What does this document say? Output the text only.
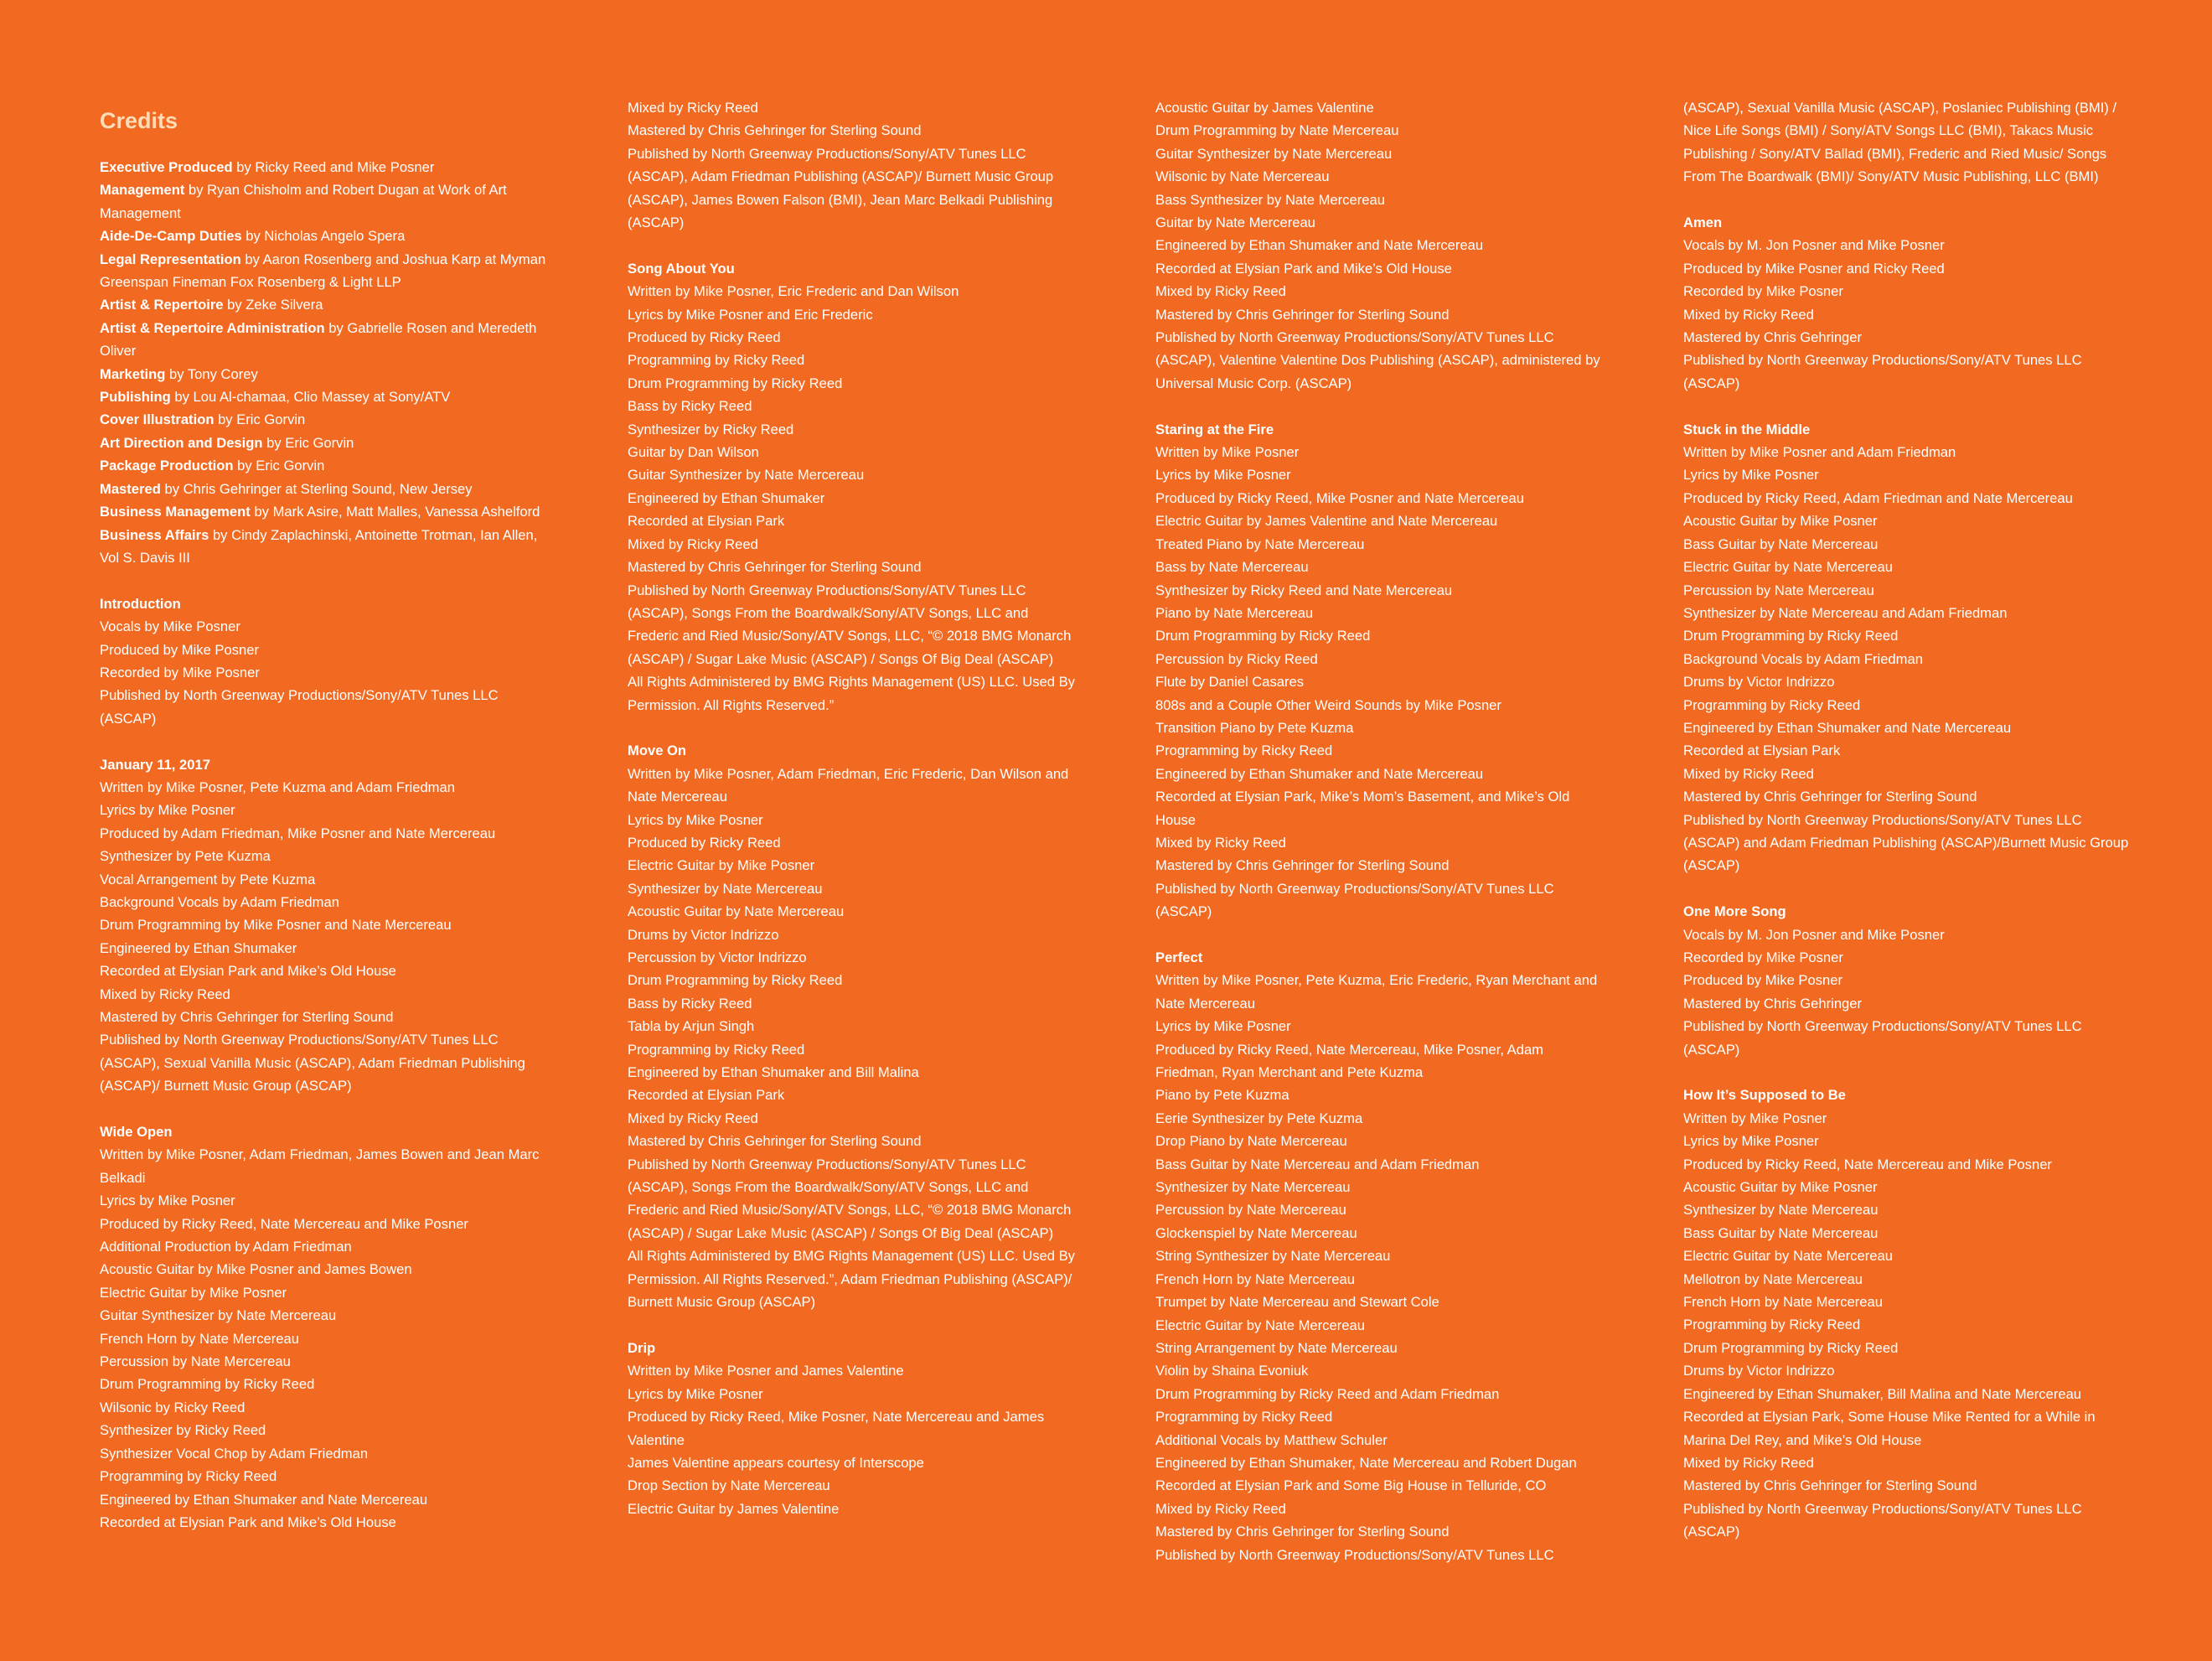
Credits
Executive Produced by Ricky Reed and Mike Posner
Management by Ryan Chisholm and Robert Dugan at Work of Art Management
Aide-De-Camp Duties by Nicholas Angelo Spera
Legal Representation by Aaron Rosenberg and Joshua Karp at Myman Greenspan Fineman Fox Rosenberg & Light LLP
Artist & Repertoire by Zeke Silvera
Artist & Repertoire Administration by Gabrielle Rosen and Meredeth Oliver
Marketing by Tony Corey
Publishing by Lou Al-chamaa, Clio Massey at Sony/ATV
Cover Illustration by Eric Gorvin
Art Direction and Design by Eric Gorvin
Package Production by Eric Gorvin
Mastered by Chris Gehringer at Sterling Sound, New Jersey
Business Management by Mark Asire, Matt Malles, Vanessa Ashelford
Business Affairs by Cindy Zaplachinski, Antoinette Trotman, Ian Allen, Vol S. Davis III
Introduction
Vocals by Mike Posner
Produced by Mike Posner
Recorded by Mike Posner
Published by North Greenway Productions/Sony/ATV Tunes LLC (ASCAP)
January 11, 2017
Written by Mike Posner, Pete Kuzma and Adam Friedman
Lyrics by Mike Posner
Produced by Adam Friedman, Mike Posner and Nate Mercereau
Synthesizer by Pete Kuzma
Vocal Arrangement by Pete Kuzma
Background Vocals by Adam Friedman
Drum Programming by Mike Posner and Nate Mercereau
Engineered by Ethan Shumaker
Recorded at Elysian Park and Mike’s Old House
Mixed by Ricky Reed
Mastered by Chris Gehringer for Sterling Sound
Published by North Greenway Productions/Sony/ATV Tunes LLC (ASCAP), Sexual Vanilla Music (ASCAP), Adam Friedman Publishing (ASCAP)/ Burnett Music Group (ASCAP)
Wide Open
Written by Mike Posner, Adam Friedman, James Bowen and Jean Marc Belkadi
Lyrics by Mike Posner
Produced by Ricky Reed, Nate Mercereau and Mike Posner
Additional Production by Adam Friedman
Acoustic Guitar by Mike Posner and James Bowen
Electric Guitar by Mike Posner
Guitar Synthesizer by Nate Mercereau
French Horn by Nate Mercereau
Percussion by Nate Mercereau
Drum Programming by Ricky Reed
Wilsonic by Ricky Reed
Synthesizer by Ricky Reed
Synthesizer Vocal Chop by Adam Friedman
Programming by Ricky Reed
Engineered by Ethan Shumaker and Nate Mercereau
Recorded at Elysian Park and Mike’s Old House
Mixed by Ricky Reed
Mastered by Chris Gehringer for Sterling Sound
Published by North Greenway Productions/Sony/ATV Tunes LLC (ASCAP), Adam Friedman Publishing (ASCAP)/ Burnett Music Group (ASCAP), James Bowen Falson (BMI), Jean Marc Belkadi Publishing (ASCAP)
Song About You
Written by Mike Posner, Eric Frederic and Dan Wilson
Lyrics by Mike Posner and Eric Frederic
Produced by Ricky Reed
Programming by Ricky Reed
Drum Programming by Ricky Reed
Bass by Ricky Reed
Synthesizer by Ricky Reed
Guitar by Dan Wilson
Guitar Synthesizer by Nate Mercereau
Engineered by Ethan Shumaker
Recorded at Elysian Park
Mixed by Ricky Reed
Mastered by Chris Gehringer for Sterling Sound
Published by North Greenway Productions/Sony/ATV Tunes LLC (ASCAP), Songs From the Boardwalk/Sony/ATV Songs, LLC and Frederic and Ried Music/Sony/ATV Songs, LLC, “© 2018 BMG Monarch (ASCAP) / Sugar Lake Music (ASCAP) / Songs Of Big Deal (ASCAP)
All Rights Administered by BMG Rights Management (US) LLC. Used By Permission. All Rights Reserved.”
Move On
Written by Mike Posner, Adam Friedman, Eric Frederic, Dan Wilson and Nate Mercereau
Lyrics by Mike Posner
Produced by Ricky Reed
Electric Guitar by Mike Posner
Synthesizer by Nate Mercereau
Acoustic Guitar by Nate Mercereau
Drums by Victor Indrizzo
Percussion by Victor Indrizzo
Drum Programming by Ricky Reed
Bass by Ricky Reed
Tabla by Arjun Singh
Programming by Ricky Reed
Engineered by Ethan Shumaker and Bill Malina
Recorded at Elysian Park
Mixed by Ricky Reed
Mastered by Chris Gehringer for Sterling Sound
Published by North Greenway Productions/Sony/ATV Tunes LLC (ASCAP), Songs From the Boardwalk/Sony/ATV Songs, LLC and Frederic and Ried Music/Sony/ATV Songs, LLC, “© 2018 BMG Monarch (ASCAP) / Sugar Lake Music (ASCAP) / Songs Of Big Deal (ASCAP)
All Rights Administered by BMG Rights Management (US) LLC. Used By Permission. All Rights Reserved.”, Adam Friedman Publishing (ASCAP)/ Burnett Music Group (ASCAP)
Drip
Written by Mike Posner and James Valentine
Lyrics by Mike Posner
Produced by Ricky Reed, Mike Posner, Nate Mercereau and James Valentine
James Valentine appears courtesy of Interscope
Drop Section by Nate Mercereau
Electric Guitar by James Valentine
Acoustic Guitar by James Valentine
Drum Programming by Nate Mercereau
Guitar Synthesizer by Nate Mercereau
Wilsonic by Nate Mercereau
Bass Synthesizer by Nate Mercereau
Guitar by Nate Mercereau
Engineered by Ethan Shumaker and Nate Mercereau
Recorded at Elysian Park and Mike’s Old House
Mixed by Ricky Reed
Mastered by Chris Gehringer for Sterling Sound
Published by North Greenway Productions/Sony/ATV Tunes LLC (ASCAP), Valentine Valentine Dos Publishing (ASCAP), administered by Universal Music Corp. (ASCAP)
Staring at the Fire
Written by Mike Posner
Lyrics by Mike Posner
Produced by Ricky Reed, Mike Posner and Nate Mercereau
Electric Guitar by James Valentine and Nate Mercereau
Treated Piano by Nate Mercereau
Bass by Nate Mercereau
Synthesizer by Ricky Reed and Nate Mercereau
Piano by Nate Mercereau
Drum Programming by Ricky Reed
Percussion by Ricky Reed
Flute by Daniel Casares
808s and a Couple Other Weird Sounds by Mike Posner
Transition Piano by Pete Kuzma
Programming by Ricky Reed
Engineered by Ethan Shumaker and Nate Mercereau
Recorded at Elysian Park, Mike’s Mom’s Basement, and Mike’s Old House
Mixed by Ricky Reed
Mastered by Chris Gehringer for Sterling Sound
Published by North Greenway Productions/Sony/ATV Tunes LLC (ASCAP)
Perfect
Written by Mike Posner, Pete Kuzma, Eric Frederic, Ryan Merchant and Nate Mercereau
Lyrics by Mike Posner
Produced by Ricky Reed, Nate Mercereau, Mike Posner, Adam Friedman, Ryan Merchant and Pete Kuzma
Piano by Pete Kuzma
Eerie Synthesizer by Pete Kuzma
Drop Piano by Nate Mercereau
Bass Guitar by Nate Mercereau and Adam Friedman
Synthesizer by Nate Mercereau
Percussion by Nate Mercereau
Glockenspiel by Nate Mercereau
String Synthesizer by Nate Mercereau
French Horn by Nate Mercereau
Trumpet by Nate Mercereau and Stewart Cole
Electric Guitar by Nate Mercereau
String Arrangement by Nate Mercereau
Violin by Shaina Evoniuk
Drum Programming by Ricky Reed and Adam Friedman
Programming by Ricky Reed
Additional Vocals by Matthew Schuler
Engineered by Ethan Shumaker, Nate Mercereau and Robert Dugan
Recorded at Elysian Park and Some Big House in Telluride, CO
Mixed by Ricky Reed
Mastered by Chris Gehringer for Sterling Sound
Published by North Greenway Productions/Sony/ATV Tunes LLC
(ASCAP), Sexual Vanilla Music (ASCAP), Poslaniec Publishing (BMI) / Nice Life Songs (BMI) / Sony/ATV Songs LLC (BMI), Takacs Music Publishing / Sony/ATV Ballad (BMI), Frederic and Ried Music/ Songs From The Boardwalk (BMI)/ Sony/ATV Music Publishing, LLC (BMI)
Amen
Vocals by M. Jon Posner and Mike Posner
Produced by Mike Posner and Ricky Reed
Recorded by Mike Posner
Mixed by Ricky Reed
Mastered by Chris Gehringer
Published by North Greenway Productions/Sony/ATV Tunes LLC (ASCAP)
Stuck in the Middle
Written by Mike Posner and Adam Friedman
Lyrics by Mike Posner
Produced by Ricky Reed, Adam Friedman and Nate Mercereau
Acoustic Guitar by Mike Posner
Bass Guitar by Nate Mercereau
Electric Guitar by Nate Mercereau
Percussion by Nate Mercereau
Synthesizer by Nate Mercereau and Adam Friedman
Drum Programming by Ricky Reed
Background Vocals by Adam Friedman
Drums by Victor Indrizzo
Programming by Ricky Reed
Engineered by Ethan Shumaker and Nate Mercereau
Recorded at Elysian Park
Mixed by Ricky Reed
Mastered by Chris Gehringer for Sterling Sound
Published by North Greenway Productions/Sony/ATV Tunes LLC (ASCAP) and Adam Friedman Publishing (ASCAP)/Burnett Music Group (ASCAP)
One More Song
Vocals by M. Jon Posner and Mike Posner
Recorded by Mike Posner
Produced by Mike Posner
Mastered by Chris Gehringer
Published by North Greenway Productions/Sony/ATV Tunes LLC (ASCAP)
How It’s Supposed to Be
Written by Mike Posner
Lyrics by Mike Posner
Produced by Ricky Reed, Nate Mercereau and Mike Posner
Acoustic Guitar by Mike Posner
Synthesizer by Nate Mercereau
Bass Guitar by Nate Mercereau
Electric Guitar by Nate Mercereau
Mellotron by Nate Mercereau
French Horn by Nate Mercereau
Programming by Ricky Reed
Drum Programming by Ricky Reed
Drums by Victor Indrizzo
Engineered by Ethan Shumaker, Bill Malina and Nate Mercereau
Recorded at Elysian Park, Some House Mike Rented for a While in Marina Del Rey, and Mike’s Old House
Mixed by Ricky Reed
Mastered by Chris Gehringer for Sterling Sound
Published by North Greenway Productions/Sony/ATV Tunes LLC (ASCAP)
